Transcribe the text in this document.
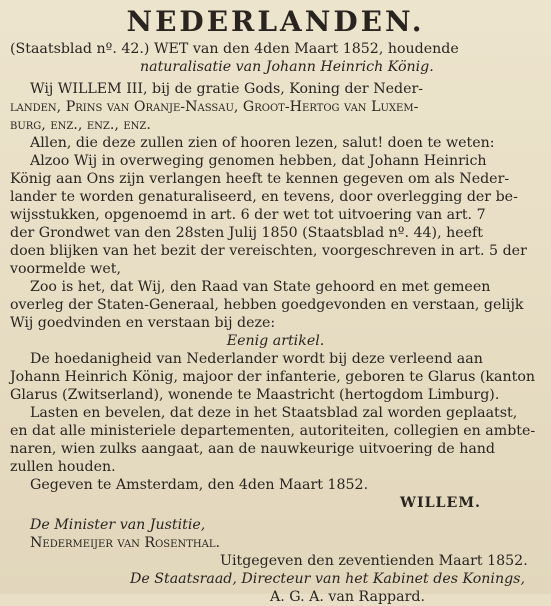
NEDERLANDEN.
(Staatsblad nº. 42.) WET van den 4den Maart 1852, houdende
naturalisatie van Johann Heinrich König.
Wij WILLEM III, bij de gratie Gods, Koning der Neder-
landen, Prins van Oranje-Nassau, Groot-Hertog van Luxem-
burg, enz., enz., enz.
Allen, die deze zullen zien of hooren lezen, salut! doen te weten:
Alzoo Wij in overweging genomen hebben, dat Johann Heinrich
König aan Ons zijn verlangen heeft te kennen gegeven om als Neder-
lander te worden genaturaliseerd, en tevens, door overlegging der be-
wijsstukken, opgenoemd in art. 6 der wet tot uitvoering van art. 7
der Grondwet van den 28sten Julij 1850 (Staatsblad nº. 44), heeft
doen blijken van het bezit der vereischten, voorgeschreven in art. 5 der
voormelde wet,
Zoo is het, dat Wij, den Raad van State gehoord en met gemeen
overleg der Staten-Generaal, hebben goedgevonden en verstaan, gelijk
Wij goedvinden en verstaan bij deze:
Eenig artikel.
De hoedanigheid van Nederlander wordt bij deze verleend aan
Johann Heinrich König, majoor der infanterie, geboren te Glarus (kanton
Glarus (Zwitserland), wonende te Maastricht (hertogdom Limburg).
Lasten en bevelen, dat deze in het Staatsblad zal worden geplaatst,
en dat alle ministeriele departementen, autoriteiten, collegien en ambte-
naren, wien zulks aangaat, aan de nauwkeurige uitvoering de hand
zullen houden.
Gegeven te Amsterdam, den 4den Maart 1852.
WILLEM.
De Minister van Justitie,
Nedermeijer van Rosenthal.
Uitgegeven den zeventienden Maart 1852.
De Staatsraad, Directeur van het Kabinet des Konings,
A. G. A. van Rappard.
